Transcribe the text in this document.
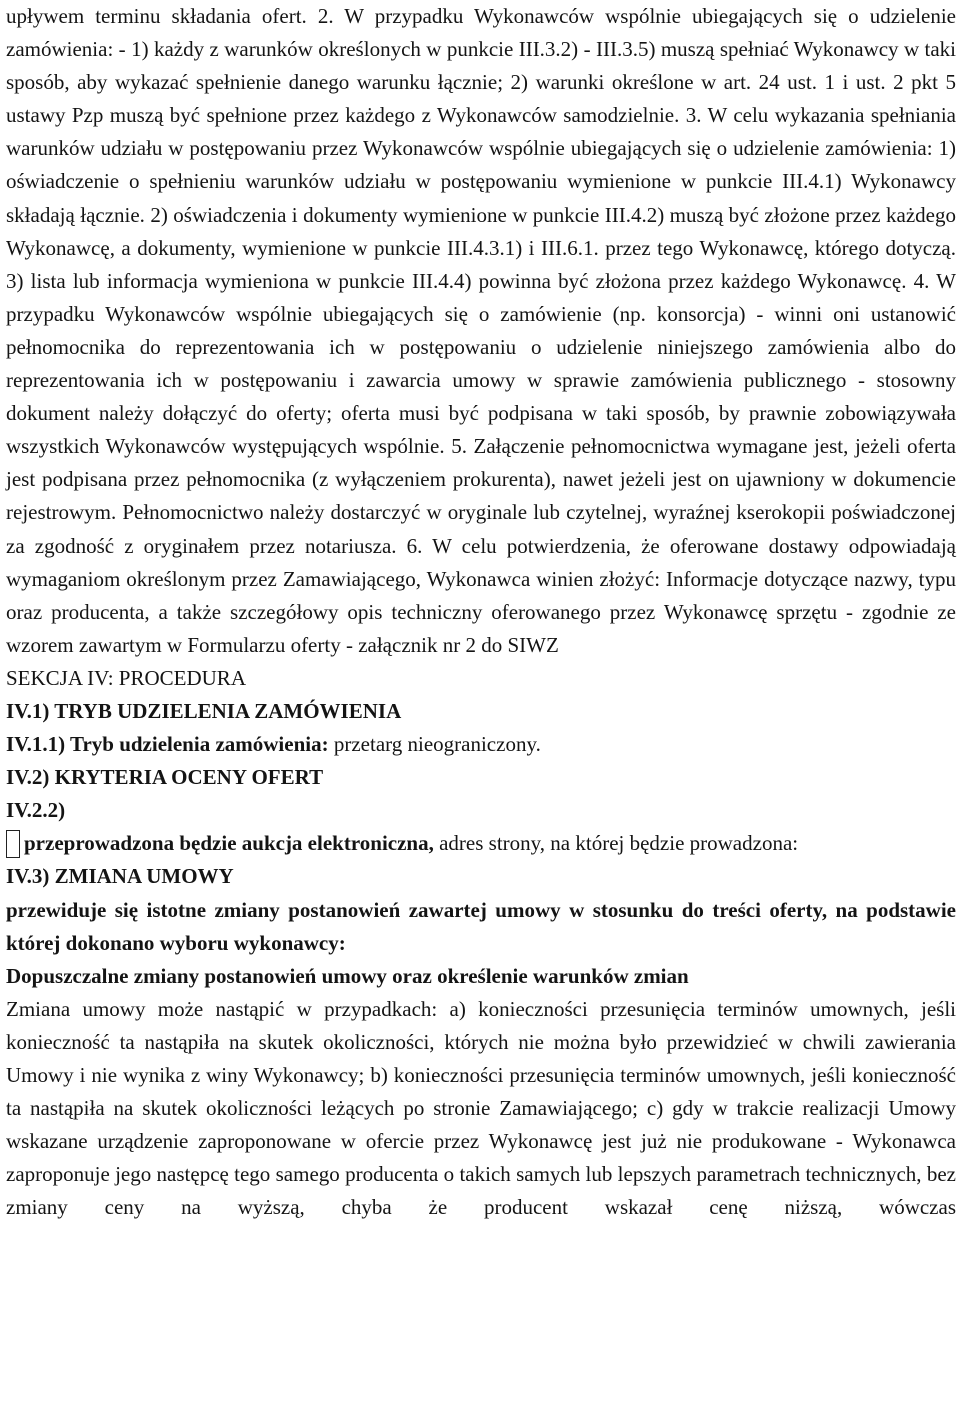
upływem terminu składania ofert. 2. W przypadku Wykonawców wspólnie ubiegających się o udzielenie zamówienia: - 1) każdy z warunków określonych w punkcie III.3.2) - III.3.5) muszą spełniać Wykonawcy w taki sposób, aby wykazać spełnienie danego warunku łącznie; 2) warunki określone w art. 24 ust. 1 i ust. 2 pkt 5 ustawy Pzp muszą być spełnione przez każdego z Wykonawców samodzielnie. 3. W celu wykazania spełniania warunków udziału w postępowaniu przez Wykonawców wspólnie ubiegających się o udzielenie zamówienia: 1) oświadczenie o spełnieniu warunków udziału w postępowaniu wymienione w punkcie III.4.1) Wykonawcy składają łącznie. 2) oświadczenia i dokumenty wymienione w punkcie III.4.2) muszą być złożone przez każdego Wykonawcę, a dokumenty, wymienione w punkcie III.4.3.1) i III.6.1. przez tego Wykonawcę, którego dotyczą. 3) lista lub informacja wymieniona w punkcie III.4.4) powinna być złożona przez każdego Wykonawcę. 4. W przypadku Wykonawców wspólnie ubiegających się o zamówienie (np. konsorcja) - winni oni ustanowić pełnomocnika do reprezentowania ich w postępowaniu o udzielenie niniejszego zamówienia albo do reprezentowania ich w postępowaniu i zawarcia umowy w sprawie zamówienia publicznego - stosowny dokument należy dołączyć do oferty; oferta musi być podpisana w taki sposób, by prawnie zobowiązywała wszystkich Wykonawców występujących wspólnie. 5. Załączenie pełnomocnictwa wymagane jest, jeżeli oferta jest podpisana przez pełnomocnika (z wyłączeniem prokurenta), nawet jeżeli jest on ujawniony w dokumencie rejestrowym. Pełnomocnictwo należy dostarczyć w oryginale lub czytelnej, wyraźnej kserokopii poświadczonej za zgodność z oryginałem przez notariusza. 6. W celu potwierdzenia, że oferowane dostawy odpowiadają wymaganiom określonym przez Zamawiającego, Wykonawca winien złożyć: Informacje dotyczące nazwy, typu oraz producenta, a także szczegółowy opis techniczny oferowanego przez Wykonawcę sprzętu - zgodnie ze wzorem zawartym w Formularzu oferty - załącznik nr 2 do SIWZ

SEKCJA IV: PROCEDURA

IV.1) TRYB UDZIELENIA ZAMÓWIENIA

IV.1.1) Tryb udzielenia zamówienia: przetarg nieograniczony.

IV.2) KRYTERIA OCENY OFERT

IV.2.2)

przeprowadzona będzie aukcja elektroniczna, adres strony, na której będzie prowadzona:

IV.3) ZMIANA UMOWY

przewiduje się istotne zmiany postanowień zawartej umowy w stosunku do treści oferty, na podstawie której dokonano wyboru wykonawcy:

Dopuszczalne zmiany postanowień umowy oraz określenie warunków zmian

Zmiana umowy może nastąpić w przypadkach: a) konieczności przesunięcia terminów umownych, jeśli konieczność ta nastąpiła na skutek okoliczności, których nie można było przewidzieć w chwili zawierania Umowy i nie wynika z winy Wykonawcy; b) konieczności przesunięcia terminów umownych, jeśli konieczność ta nastąpiła na skutek okoliczności leżących po stronie Zamawiającego; c) gdy w trakcie realizacji Umowy wskazane urządzenie zaproponowane w ofercie przez Wykonawcę jest już nie produkowane - Wykonawca zaproponuje jego następcę tego samego producenta o takich samych lub lepszych parametrach technicznych, bez zmiany ceny na wyższą, chyba że producent wskazał cenę niższą, wówczas
